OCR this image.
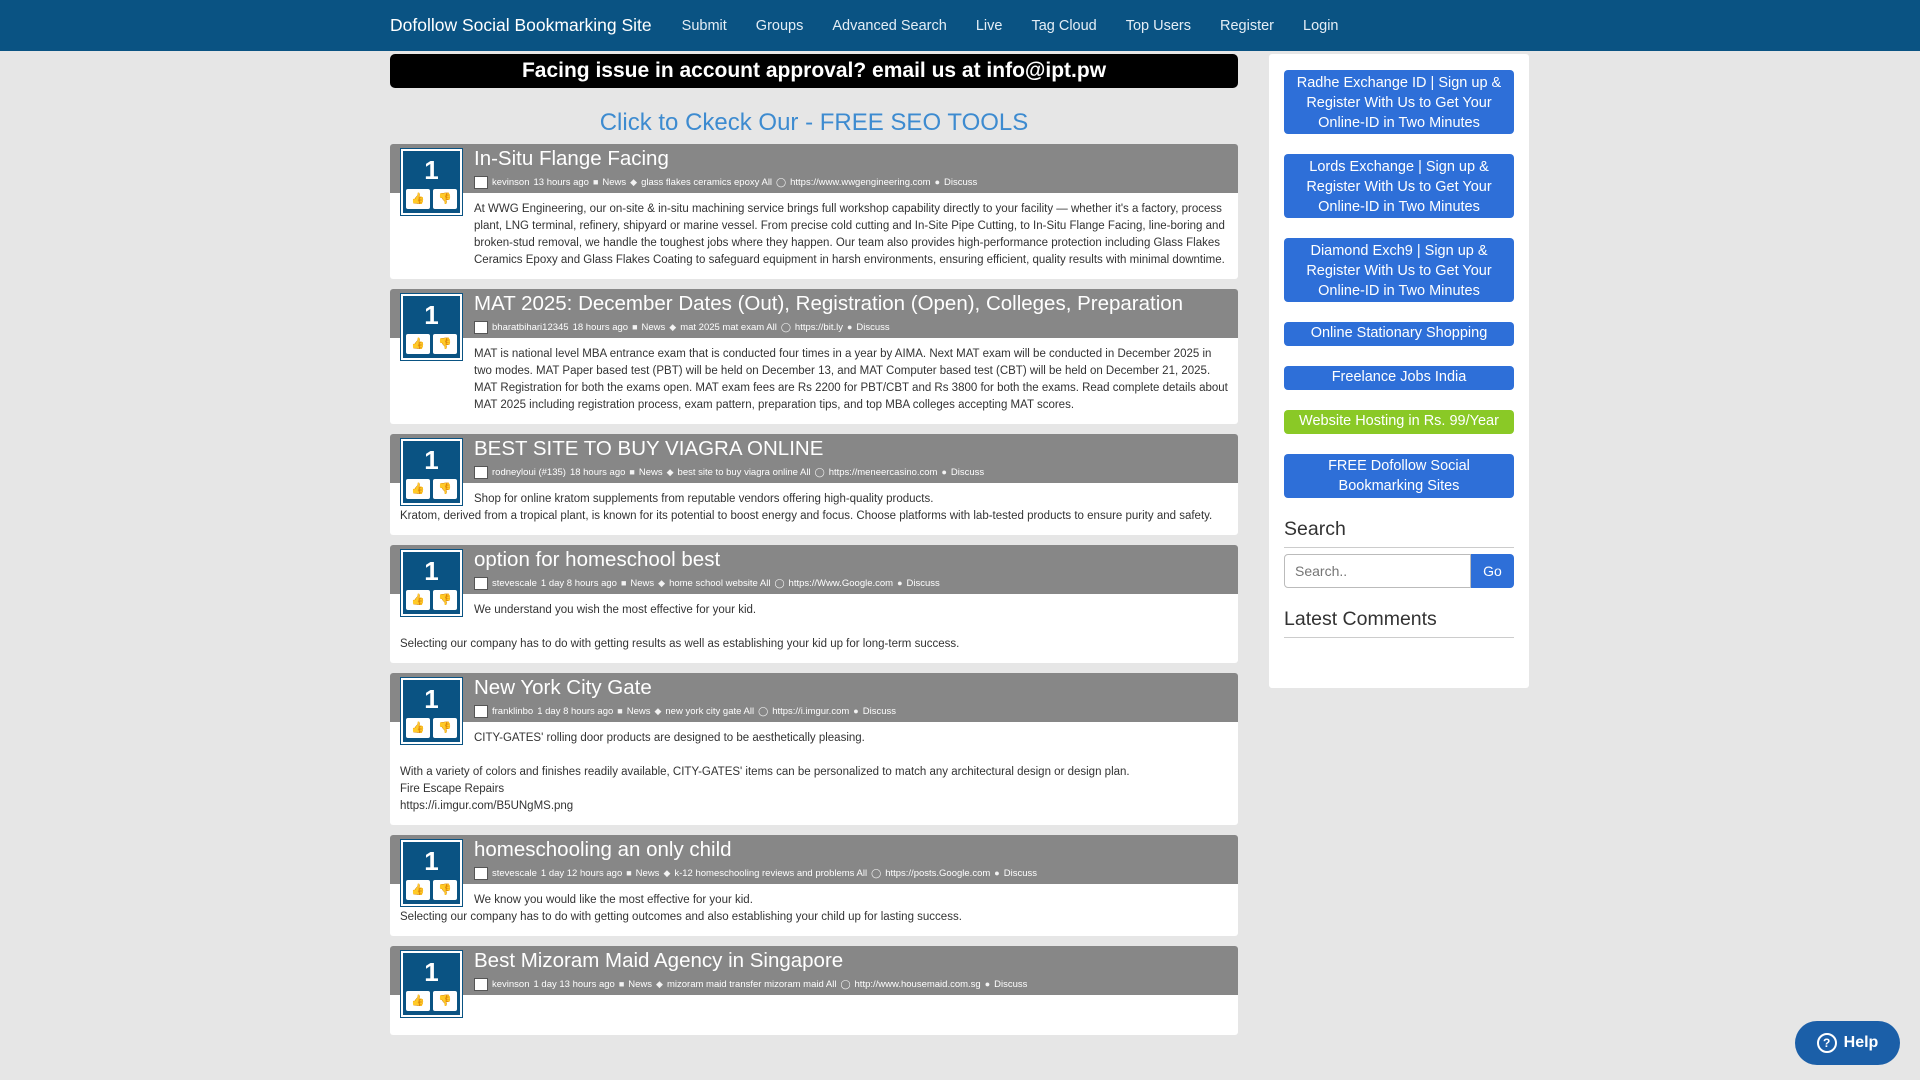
Dofollow Social Bookmarking Site Submit Groups Advanced Search Live Tag Cloud Top Users Register Login
Facing issue in account approval? email us at info@ipt.pw
Click to Ckeck Our - FREE SEO TOOLS
1
👍	👎
In-Situ Flange Facing
kevinson 13 hours ago ■ News ◆ glass flakes ceramics epoxy All ◯ https://www.wwgengineering.com ● Discuss

At WWG Engineering, our on-site & in-situ machining service brings full workshop capability directly to your facility — whether it's a factory, process plant, LNG terminal, refinery, shipyard or marine vessel. From precise cold cutting and In-Site Pipe Cutting, to In-Situ Flange Facing, line-boring and broken-stud removal, we handle the toughest jobs where they happen. Our team also provides high-performance protection including Glass Flakes Ceramics Epoxy and Glass Flakes Coating to safeguard equipment in harsh environments, ensuring efficient, quality results with minimal downtime.

1
👍	👎
MAT 2025: December Dates (Out), Registration (Open), Colleges, Preparation
bharatbihari12345 18 hours ago ■ News ◆ mat 2025 mat exam All ◯ https://bit.ly ● Discuss

MAT is national level MBA entrance exam that is conducted four times in a year by AIMA. Next MAT exam will be conducted in December 2025 in two modes. MAT Paper based test (PBT) will be held on December 13, and MAT Computer based test (CBT) will be held on December 21, 2025. MAT Registration for both the exams open. MAT exam fees are Rs 2200 for PBT/CBT and Rs 3800 for both the exams. Read complete details about MAT 2025 including registration process, exam pattern, preparation tips, and top MBA colleges accepting MAT scores.

1
👍	👎
BEST SITE TO BUY VIAGRA ONLINE
rodneyloui (#135) 18 hours ago ■ News ◆ best site to buy viagra online All ◯ https://meneercasino.com ● Discuss

Shop for online kratom supplements from reputable vendors offering high-quality products.

Kratom, derived from a tropical plant, is known for its potential to boost energy and focus. Choose platforms with lab-tested products to ensure purity and safety.

1
👍	👎
option for homeschool best
stevescale 1 day 8 hours ago ■ News ◆ home school website All ◯ https://Www.Google.com ● Discuss

We understand you wish the most effective for your kid.

Selecting our company has to do with getting results as well as establishing your kid up for long-term success.

1
👍	👎
New York City Gate
franklinbo 1 day 8 hours ago ■ News ◆ new york city gate All ◯ https://i.imgur.com ● Discuss

CITY-GATES' rolling door products are designed to be aesthetically pleasing.

With a variety of colors and finishes readily available, CITY-GATES' items can be personalized to match any architectural design or design plan.

Fire Escape Repairs

https://i.imgur.com/B5UNgMS.png

1
👍	👎
homeschooling an only child
stevescale 1 day 12 hours ago ■ News ◆ k-12 homeschooling reviews and problems All ◯ https://posts.Google.com ● Discuss

We know you would like the most effective for your kid.

Selecting our company has to do with getting outcomes and also establishing your child up for lasting success.

1
👍	👎
Best Mizoram Maid Agency in Singapore
kevinson 1 day 13 hours ago ■ News ◆ mizoram maid transfer mizoram maid All ◯ http://www.housemaid.com.sg ● Discuss
Radhe Exchange ID | Sign up & Register With Us to Get Your Online-ID in Two Minutes
Lords Exchange | Sign up & Register With Us to Get Your Online-ID in Two Minutes
Diamond Exch9 | Sign up & Register With Us to Get Your Online-ID in Two Minutes
Online Stationary Shopping
Freelance Jobs India
Website Hosting in Rs. 99/Year
FREE Dofollow Social Bookmarking Sites
Search
Search..
Go
Latest Comments
? Help
